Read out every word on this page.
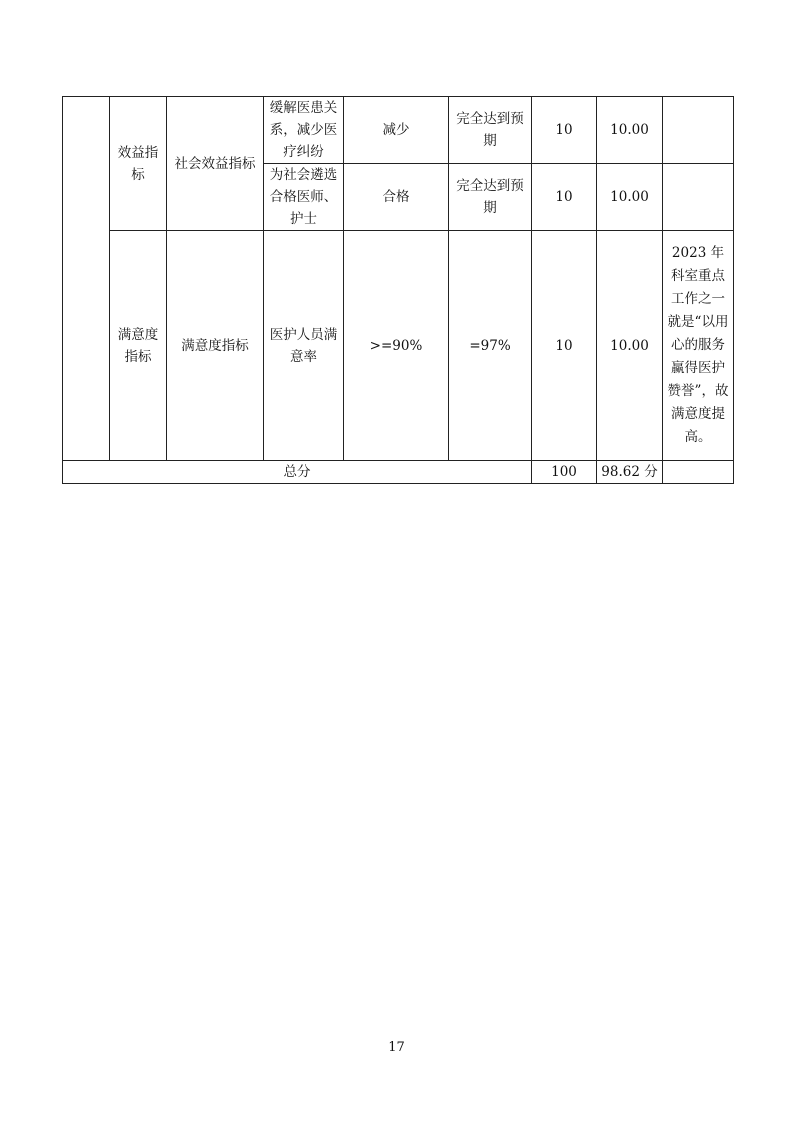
	效益指标	社会效益指标	缓解医患关系，减少医疗纠纷	减少	完全达到预期	10	10.00	
			为社会遴选合格医师、护士	合格	完全达到预期	10	10.00	
	满意度指标	满意度指标	医护人员满意率	>=90%	=97%	10	10.00	2023 年科室重点工作之一就是“以用心的服务赢得医护赞誉”，故满意度提高。
总分						100	98.62 分	
17
